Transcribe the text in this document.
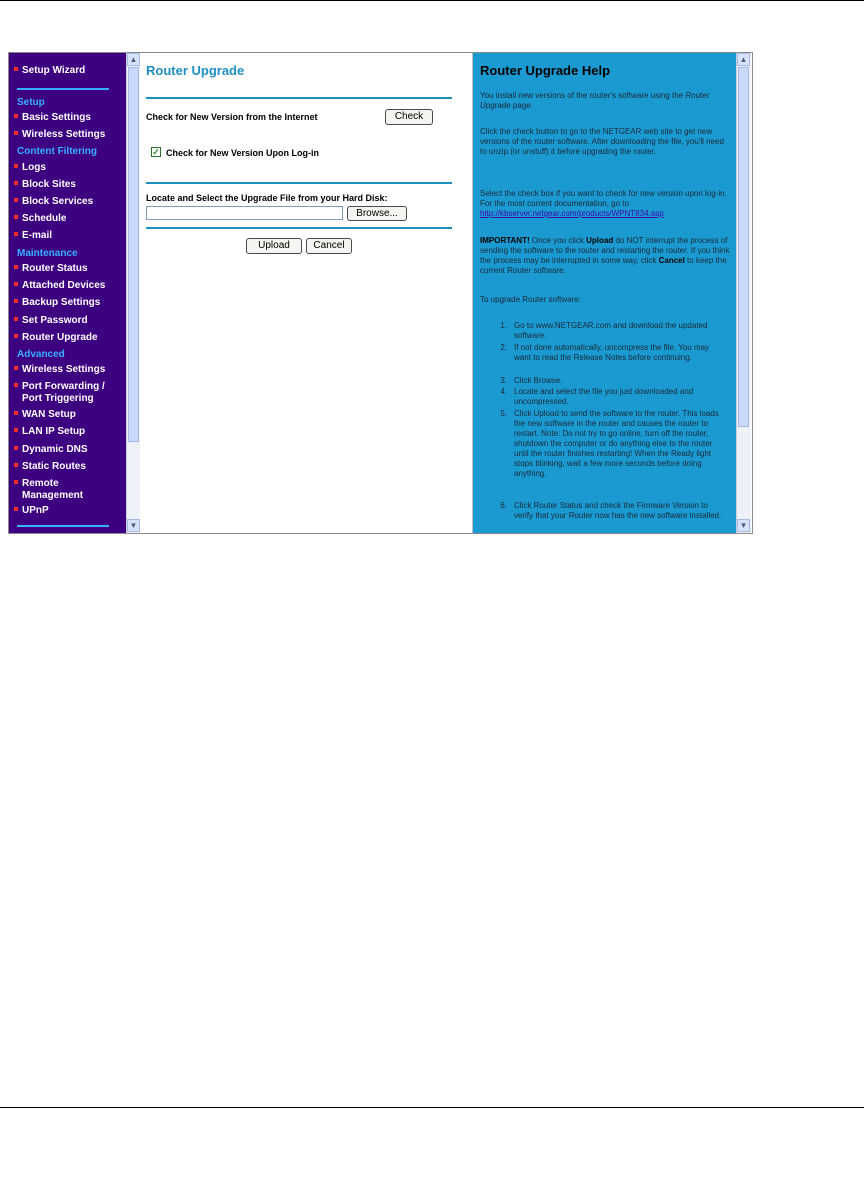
Setup Wizard
Setup
Basic Settings
Wireless Settings
Content Filtering
Logs
Block Sites
Block Services
Schedule
E-mail
Maintenance
Router Status
Attached Devices
Backup Settings
Set Password
Router Upgrade
Advanced
Wireless Settings
Port Forwarding / Port Triggering
WAN Setup
LAN IP Setup
Dynamic DNS
Static Routes
Remote Management
UPnP
▲
▼
Router Upgrade
Check for New Version from the Internet	Check
✓ Check for New Version Upon Log-in
Locate and Select the Upgrade File from your Hard Disk:
Browse...
Upload	Cancel
Router Upgrade Help
You install new versions of the router's software using the Router Upgrade page.
Click the check button to go to the NETGEAR web site to get new versions of the router software. After downloading the file, you'll need to unzip (or unstuff) it before upgrading the router.
Select the check box if you want to check for new version upon log-in. For the most current documentation, go to
http://kbserver.netgear.com/products/WPNT834.asp
IMPORTANT! Once you click Upload do NOT interrupt the process of sending the software to the router and restarting the router. If you think the process may be interrupted in some way, click Cancel to keep the current Router software.
To upgrade Router software:
1. Go to www.NETGEAR.com and download the updated software.
2. If not done automatically, uncompress the file. You may want to read the Release Notes before continuing.
3. Click Browse.
4. Locate and select the file you just downloaded and uncompressed.
5. Click Upload to send the software to the router. This loads the new software in the router and causes the router to restart. Note: Do not try to go online, turn off the router, shutdown the computer or do anything else to the router until the router finishes restarting! When the Ready light stops blinking, wait a few more seconds before doing anything.
6. Click Router Status and check the Firmware Version to verify that your Router now has the new software installed.
▲
▼
